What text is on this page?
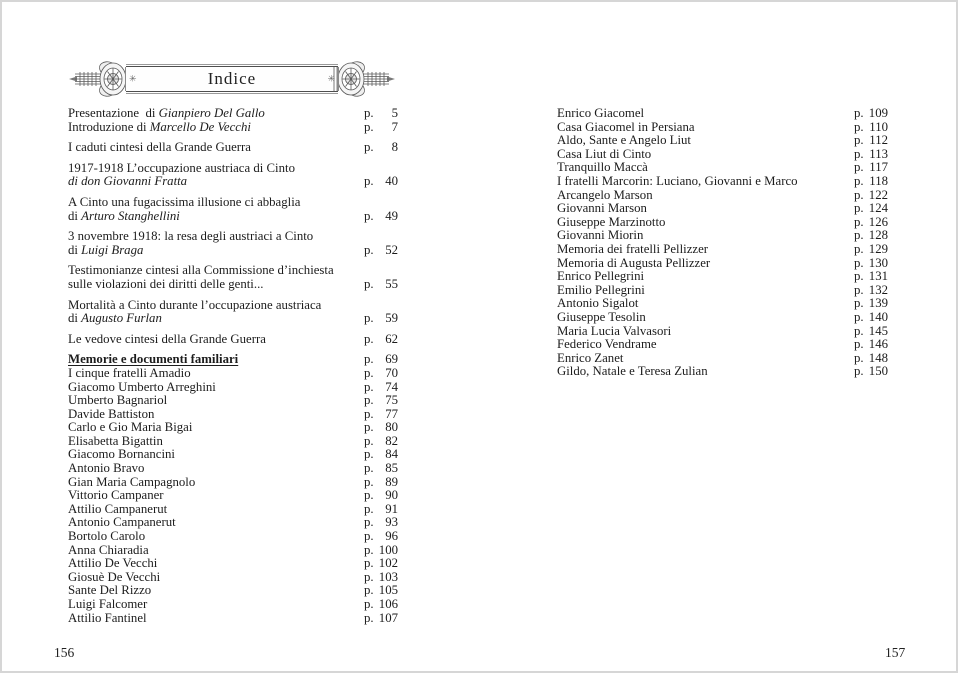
✳	Indice	✳
Presentazione  di Gianpiero Del Gallo	p. 5
Introduzione di Marcello De Vecchi	p. 7
I caduti cintesi della Grande Guerra	p. 8
1917-1918 L’occupazione austriaca di Cinto
di don Giovanni Fratta	p. 40
A Cinto una fugacissima illusione ci abbaglia
di Arturo Stanghellini	p. 49
3 novembre 1918: la resa degli austriaci a Cinto
di Luigi Braga	p. 52
Testimonianze cintesi alla Commissione d’inchiesta
sulle violazioni dei diritti delle genti...	p. 55
Mortalità a Cinto durante l’occupazione austriaca
di Augusto Furlan	p. 59
Le vedove cintesi della Grande Guerra	p. 62
Memorie e documenti familiari	p. 69
I cinque fratelli Amadio	p. 70
Giacomo Umberto Arreghini	p. 74
Umberto Bagnariol	p. 75
Davide Battiston	p. 77
Carlo e Gio Maria Bigai	p. 80
Elisabetta Bigattin	p. 82
Giacomo Bornancini	p. 84
Antonio Bravo	p. 85
Gian Maria Campagnolo	p. 89
Vittorio Campaner	p. 90
Attilio Campanerut	p. 91
Antonio Campanerut	p. 93
Bortolo Carolo	p. 96
Anna Chiaradia	p. 100
Attilio De Vecchi	p. 102
Giosuè De Vecchi	p. 103
Sante Del Rizzo	p. 105
Luigi Falcomer	p. 106
Attilio Fantinel	p. 107
Enrico Giacomel	p. 109
Casa Giacomel in Persiana	p. 110
Aldo, Sante e Angelo Liut	p. 112
Casa Liut di Cinto	p. 113
Tranquillo Maccà	p. 117
I fratelli Marcorin: Luciano, Giovanni e Marco	p. 118
Arcangelo Marson	p. 122
Giovanni Marson	p. 124
Giuseppe Marzinotto	p. 126
Giovanni Miorin	p. 128
Memoria dei fratelli Pellizzer	p. 129
Memoria di Augusta Pellizzer	p. 130
Enrico Pellegrini	p. 131
Emilio Pellegrini	p. 132
Antonio Sigalot	p. 139
Giuseppe Tesolin	p. 140
Maria Lucia Valvasori	p. 145
Federico Vendrame	p. 146
Enrico Zanet	p. 148
Gildo, Natale e Teresa Zulian	p. 150
156	157
